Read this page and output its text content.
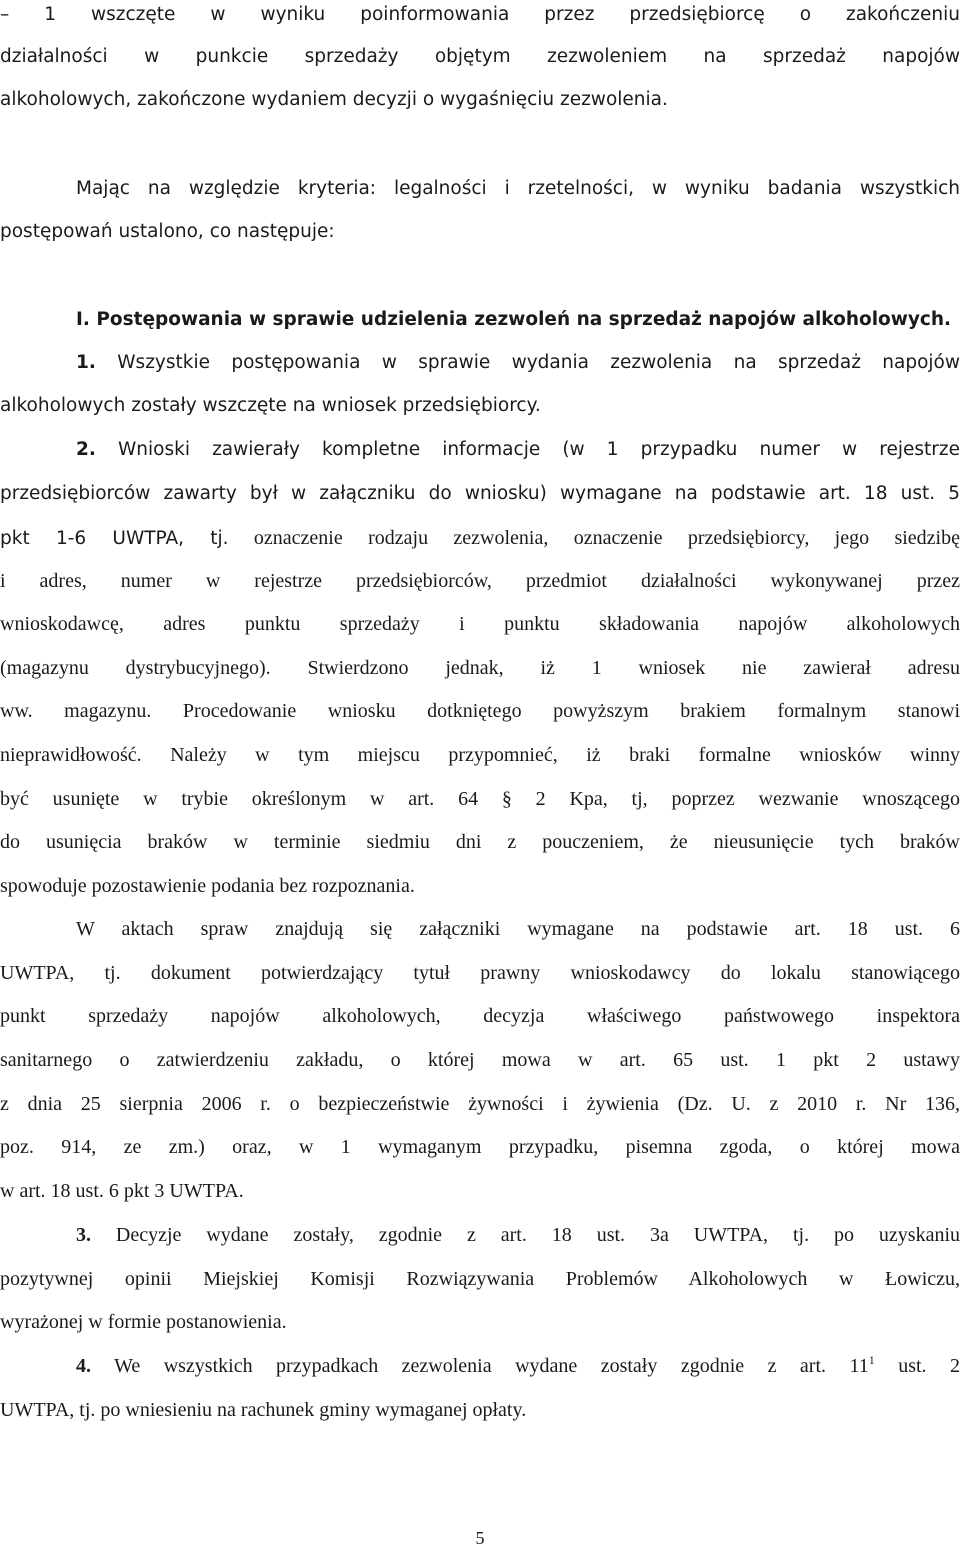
– 1 wszczęte w wyniku poinformowania przez przedsiębiorcę o zakończeniu
działalności w punkcie sprzedaży objętym zezwoleniem na sprzedaż napojów
alkoholowych, zakończone wydaniem decyzji o wygaśnięciu zezwolenia.
Mając na względzie kryteria: legalności i rzetelności, w wyniku badania wszystkich
postępowań ustalono, co następuje:
I. Postępowania w sprawie udzielenia zezwoleń na sprzedaż napojów alkoholowych.
1. Wszystkie postępowania w sprawie wydania zezwolenia na sprzedaż napojów
alkoholowych zostały wszczęte na wniosek przedsiębiorcy.
2. Wnioski zawierały kompletne informacje (w 1 przypadku numer w rejestrze
przedsiębiorców zawarty był w załączniku do wniosku) wymagane na podstawie art. 18 ust. 5
pkt 1-6 UWTPA, tj. oznaczenie rodzaju zezwolenia, oznaczenie przedsiębiorcy, jego siedzibę
i adres, numer w rejestrze przedsiębiorców, przedmiot działalności wykonywanej przez
wnioskodawcę, adres punktu sprzedaży i punktu składowania napojów alkoholowych
(magazynu dystrybucyjnego). Stwierdzono jednak, iż 1 wniosek nie zawierał adresu
ww. magazynu. Procedowanie wniosku dotkniętego powyższym brakiem formalnym stanowi
nieprawidłowość. Należy w tym miejscu przypomnieć, iż braki formalne wniosków winny
być usunięte w trybie określonym w art. 64 § 2 Kpa, tj, poprzez wezwanie wnoszącego
do usunięcia braków w terminie siedmiu dni z pouczeniem, że nieusunięcie tych braków
spowoduje pozostawienie podania bez rozpoznania.
W aktach spraw znajdują się załączniki wymagane na podstawie art. 18 ust. 6
UWTPA, tj. dokument potwierdzający tytuł prawny wnioskodawcy do lokalu stanowiącego
punkt sprzedaży napojów alkoholowych, decyzja właściwego państwowego inspektora
sanitarnego o zatwierdzeniu zakładu, o której mowa w art. 65 ust. 1 pkt 2 ustawy
z dnia 25 sierpnia 2006 r. o bezpieczeństwie żywności i żywienia (Dz. U. z 2010 r. Nr 136,
poz. 914, ze zm.) oraz, w 1 wymaganym przypadku, pisemna zgoda, o której mowa
w art. 18 ust. 6 pkt 3 UWTPA.
3. Decyzje wydane zostały, zgodnie z art. 18 ust. 3a UWTPA, tj. po uzyskaniu
pozytywnej opinii Miejskiej Komisji Rozwiązywania Problemów Alkoholowych w Łowiczu,
wyrażonej w formie postanowienia.
4. We wszystkich przypadkach zezwolenia wydane zostały zgodnie z art. $11^1$ ust. 2
UWTPA, tj. po wniesieniu na rachunek gminy wymaganej opłaty.
5
